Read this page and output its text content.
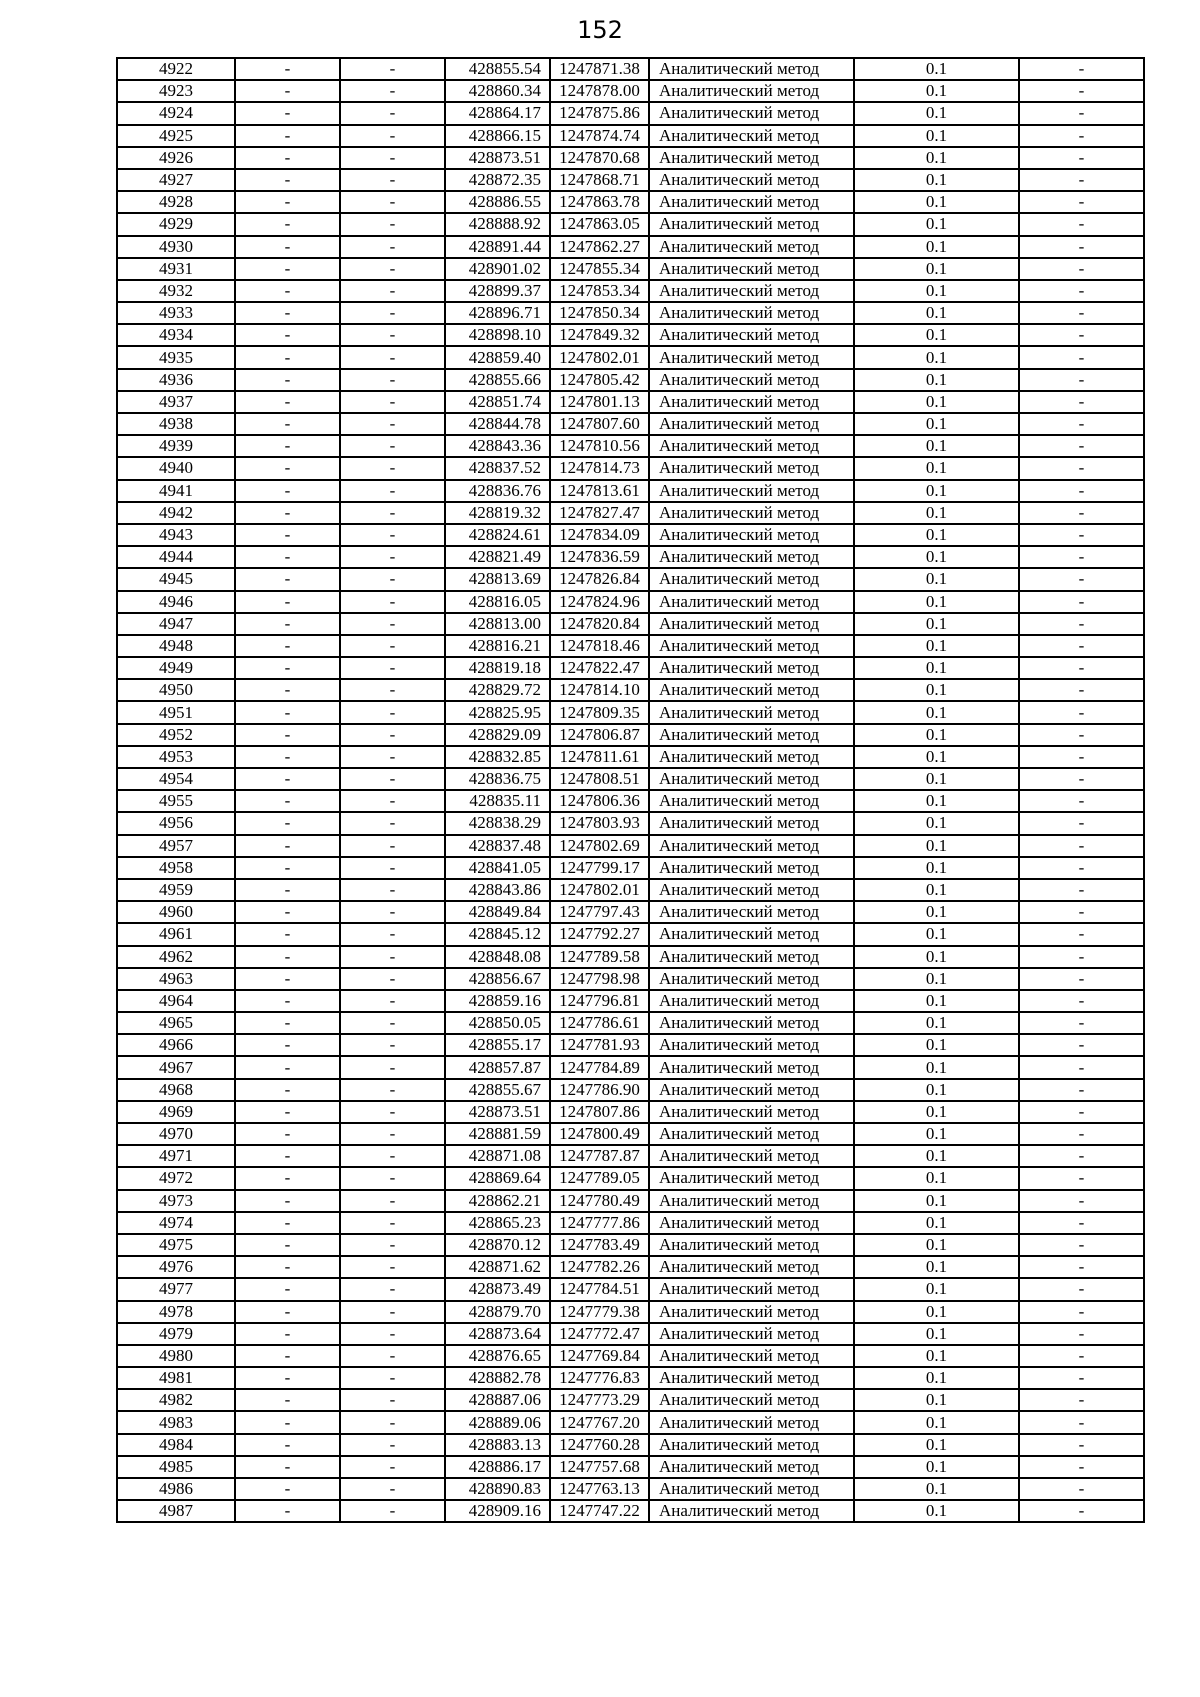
152
4922	-	-	428855.54	1247871.38	Аналитический метод	0.1	-
4923	-	-	428860.34	1247878.00	Аналитический метод	0.1	-
4924	-	-	428864.17	1247875.86	Аналитический метод	0.1	-
4925	-	-	428866.15	1247874.74	Аналитический метод	0.1	-
4926	-	-	428873.51	1247870.68	Аналитический метод	0.1	-
4927	-	-	428872.35	1247868.71	Аналитический метод	0.1	-
4928	-	-	428886.55	1247863.78	Аналитический метод	0.1	-
4929	-	-	428888.92	1247863.05	Аналитический метод	0.1	-
4930	-	-	428891.44	1247862.27	Аналитический метод	0.1	-
4931	-	-	428901.02	1247855.34	Аналитический метод	0.1	-
4932	-	-	428899.37	1247853.34	Аналитический метод	0.1	-
4933	-	-	428896.71	1247850.34	Аналитический метод	0.1	-
4934	-	-	428898.10	1247849.32	Аналитический метод	0.1	-
4935	-	-	428859.40	1247802.01	Аналитический метод	0.1	-
4936	-	-	428855.66	1247805.42	Аналитический метод	0.1	-
4937	-	-	428851.74	1247801.13	Аналитический метод	0.1	-
4938	-	-	428844.78	1247807.60	Аналитический метод	0.1	-
4939	-	-	428843.36	1247810.56	Аналитический метод	0.1	-
4940	-	-	428837.52	1247814.73	Аналитический метод	0.1	-
4941	-	-	428836.76	1247813.61	Аналитический метод	0.1	-
4942	-	-	428819.32	1247827.47	Аналитический метод	0.1	-
4943	-	-	428824.61	1247834.09	Аналитический метод	0.1	-
4944	-	-	428821.49	1247836.59	Аналитический метод	0.1	-
4945	-	-	428813.69	1247826.84	Аналитический метод	0.1	-
4946	-	-	428816.05	1247824.96	Аналитический метод	0.1	-
4947	-	-	428813.00	1247820.84	Аналитический метод	0.1	-
4948	-	-	428816.21	1247818.46	Аналитический метод	0.1	-
4949	-	-	428819.18	1247822.47	Аналитический метод	0.1	-
4950	-	-	428829.72	1247814.10	Аналитический метод	0.1	-
4951	-	-	428825.95	1247809.35	Аналитический метод	0.1	-
4952	-	-	428829.09	1247806.87	Аналитический метод	0.1	-
4953	-	-	428832.85	1247811.61	Аналитический метод	0.1	-
4954	-	-	428836.75	1247808.51	Аналитический метод	0.1	-
4955	-	-	428835.11	1247806.36	Аналитический метод	0.1	-
4956	-	-	428838.29	1247803.93	Аналитический метод	0.1	-
4957	-	-	428837.48	1247802.69	Аналитический метод	0.1	-
4958	-	-	428841.05	1247799.17	Аналитический метод	0.1	-
4959	-	-	428843.86	1247802.01	Аналитический метод	0.1	-
4960	-	-	428849.84	1247797.43	Аналитический метод	0.1	-
4961	-	-	428845.12	1247792.27	Аналитический метод	0.1	-
4962	-	-	428848.08	1247789.58	Аналитический метод	0.1	-
4963	-	-	428856.67	1247798.98	Аналитический метод	0.1	-
4964	-	-	428859.16	1247796.81	Аналитический метод	0.1	-
4965	-	-	428850.05	1247786.61	Аналитический метод	0.1	-
4966	-	-	428855.17	1247781.93	Аналитический метод	0.1	-
4967	-	-	428857.87	1247784.89	Аналитический метод	0.1	-
4968	-	-	428855.67	1247786.90	Аналитический метод	0.1	-
4969	-	-	428873.51	1247807.86	Аналитический метод	0.1	-
4970	-	-	428881.59	1247800.49	Аналитический метод	0.1	-
4971	-	-	428871.08	1247787.87	Аналитический метод	0.1	-
4972	-	-	428869.64	1247789.05	Аналитический метод	0.1	-
4973	-	-	428862.21	1247780.49	Аналитический метод	0.1	-
4974	-	-	428865.23	1247777.86	Аналитический метод	0.1	-
4975	-	-	428870.12	1247783.49	Аналитический метод	0.1	-
4976	-	-	428871.62	1247782.26	Аналитический метод	0.1	-
4977	-	-	428873.49	1247784.51	Аналитический метод	0.1	-
4978	-	-	428879.70	1247779.38	Аналитический метод	0.1	-
4979	-	-	428873.64	1247772.47	Аналитический метод	0.1	-
4980	-	-	428876.65	1247769.84	Аналитический метод	0.1	-
4981	-	-	428882.78	1247776.83	Аналитический метод	0.1	-
4982	-	-	428887.06	1247773.29	Аналитический метод	0.1	-
4983	-	-	428889.06	1247767.20	Аналитический метод	0.1	-
4984	-	-	428883.13	1247760.28	Аналитический метод	0.1	-
4985	-	-	428886.17	1247757.68	Аналитический метод	0.1	-
4986	-	-	428890.83	1247763.13	Аналитический метод	0.1	-
4987	-	-	428909.16	1247747.22	Аналитический метод	0.1	-
